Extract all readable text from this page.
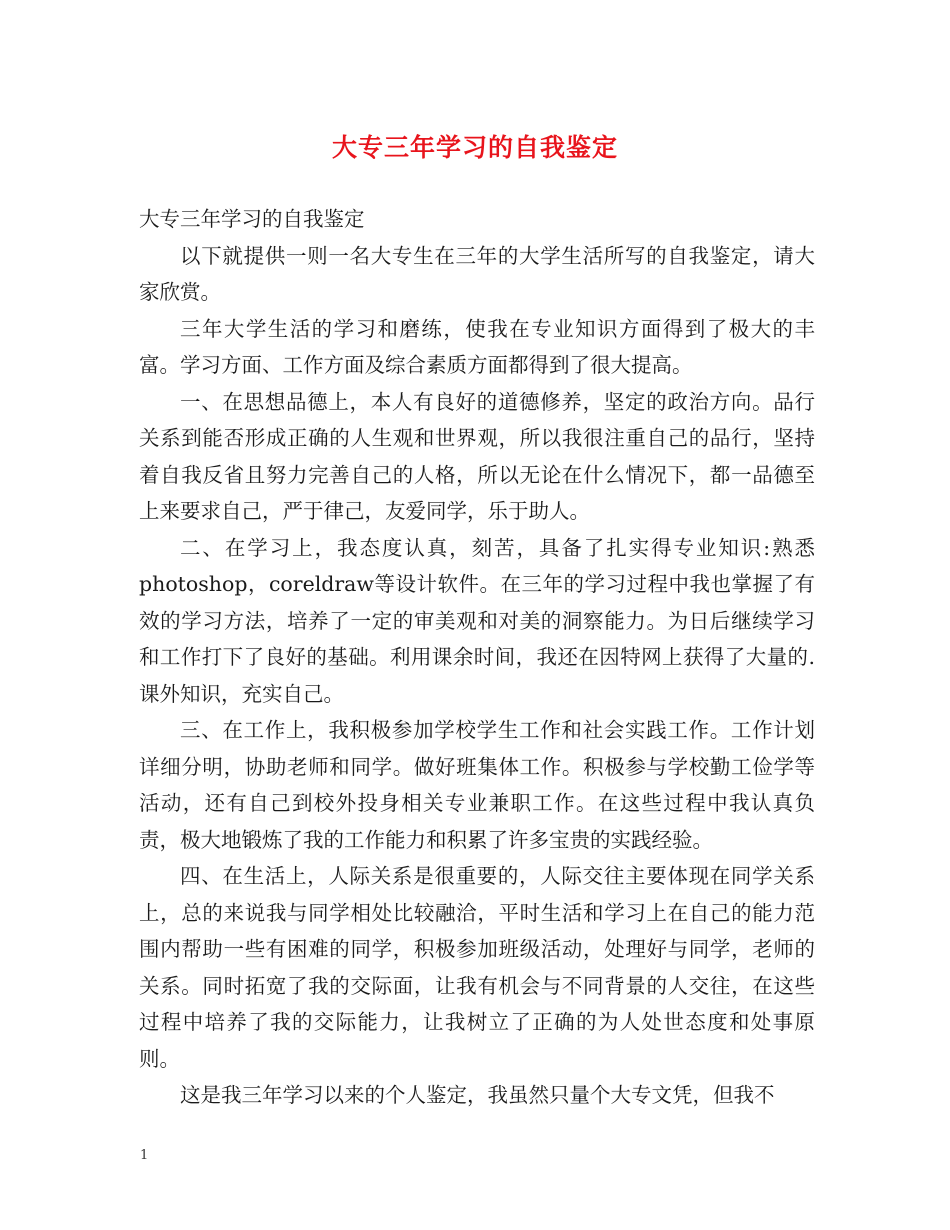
大专三年学习的自我鉴定

大专三年学习的自我鉴定

以下就提供一则一名大专生在三年的大学生活所写的自我鉴定，请大家欣赏。

三年大学生活的学习和磨练，使我在专业知识方面得到了极大的丰富。学习方面、工作方面及综合素质方面都得到了很大提高。

一、在思想品德上，本人有良好的道德修养，坚定的政治方向。品行关系到能否形成正确的人生观和世界观，所以我很注重自己的品行，坚持着自我反省且努力完善自己的人格，所以无论在什么情况下，都一品德至上来要求自己，严于律己，友爱同学，乐于助人。

二、在学习上，我态度认真，刻苦，具备了扎实得专业知识:熟悉photoshop，coreldraw等设计软件。在三年的学习过程中我也掌握了有效的学习方法，培养了一定的审美观和对美的洞察能力。为日后继续学习和工作打下了良好的基础。利用课余时间，我还在因特网上获得了大量的.课外知识，充实自己。

三、在工作上，我积极参加学校学生工作和社会实践工作。工作计划详细分明，协助老师和同学。做好班集体工作。积极参与学校勤工俭学等活动，还有自己到校外投身相关专业兼职工作。在这些过程中我认真负责，极大地锻炼了我的工作能力和积累了许多宝贵的实践经验。

四、在生活上，人际关系是很重要的，人际交往主要体现在同学关系上，总的来说我与同学相处比较融洽，平时生活和学习上在自己的能力范围内帮助一些有困难的同学，积极参加班级活动，处理好与同学，老师的关系。同时拓宽了我的交际面，让我有机会与不同背景的人交往，在这些过程中培养了我的交际能力，让我树立了正确的为人处世态度和处事原则。

这是我三年学习以来的个人鉴定，我虽然只量个大专文凭，但我不

1
